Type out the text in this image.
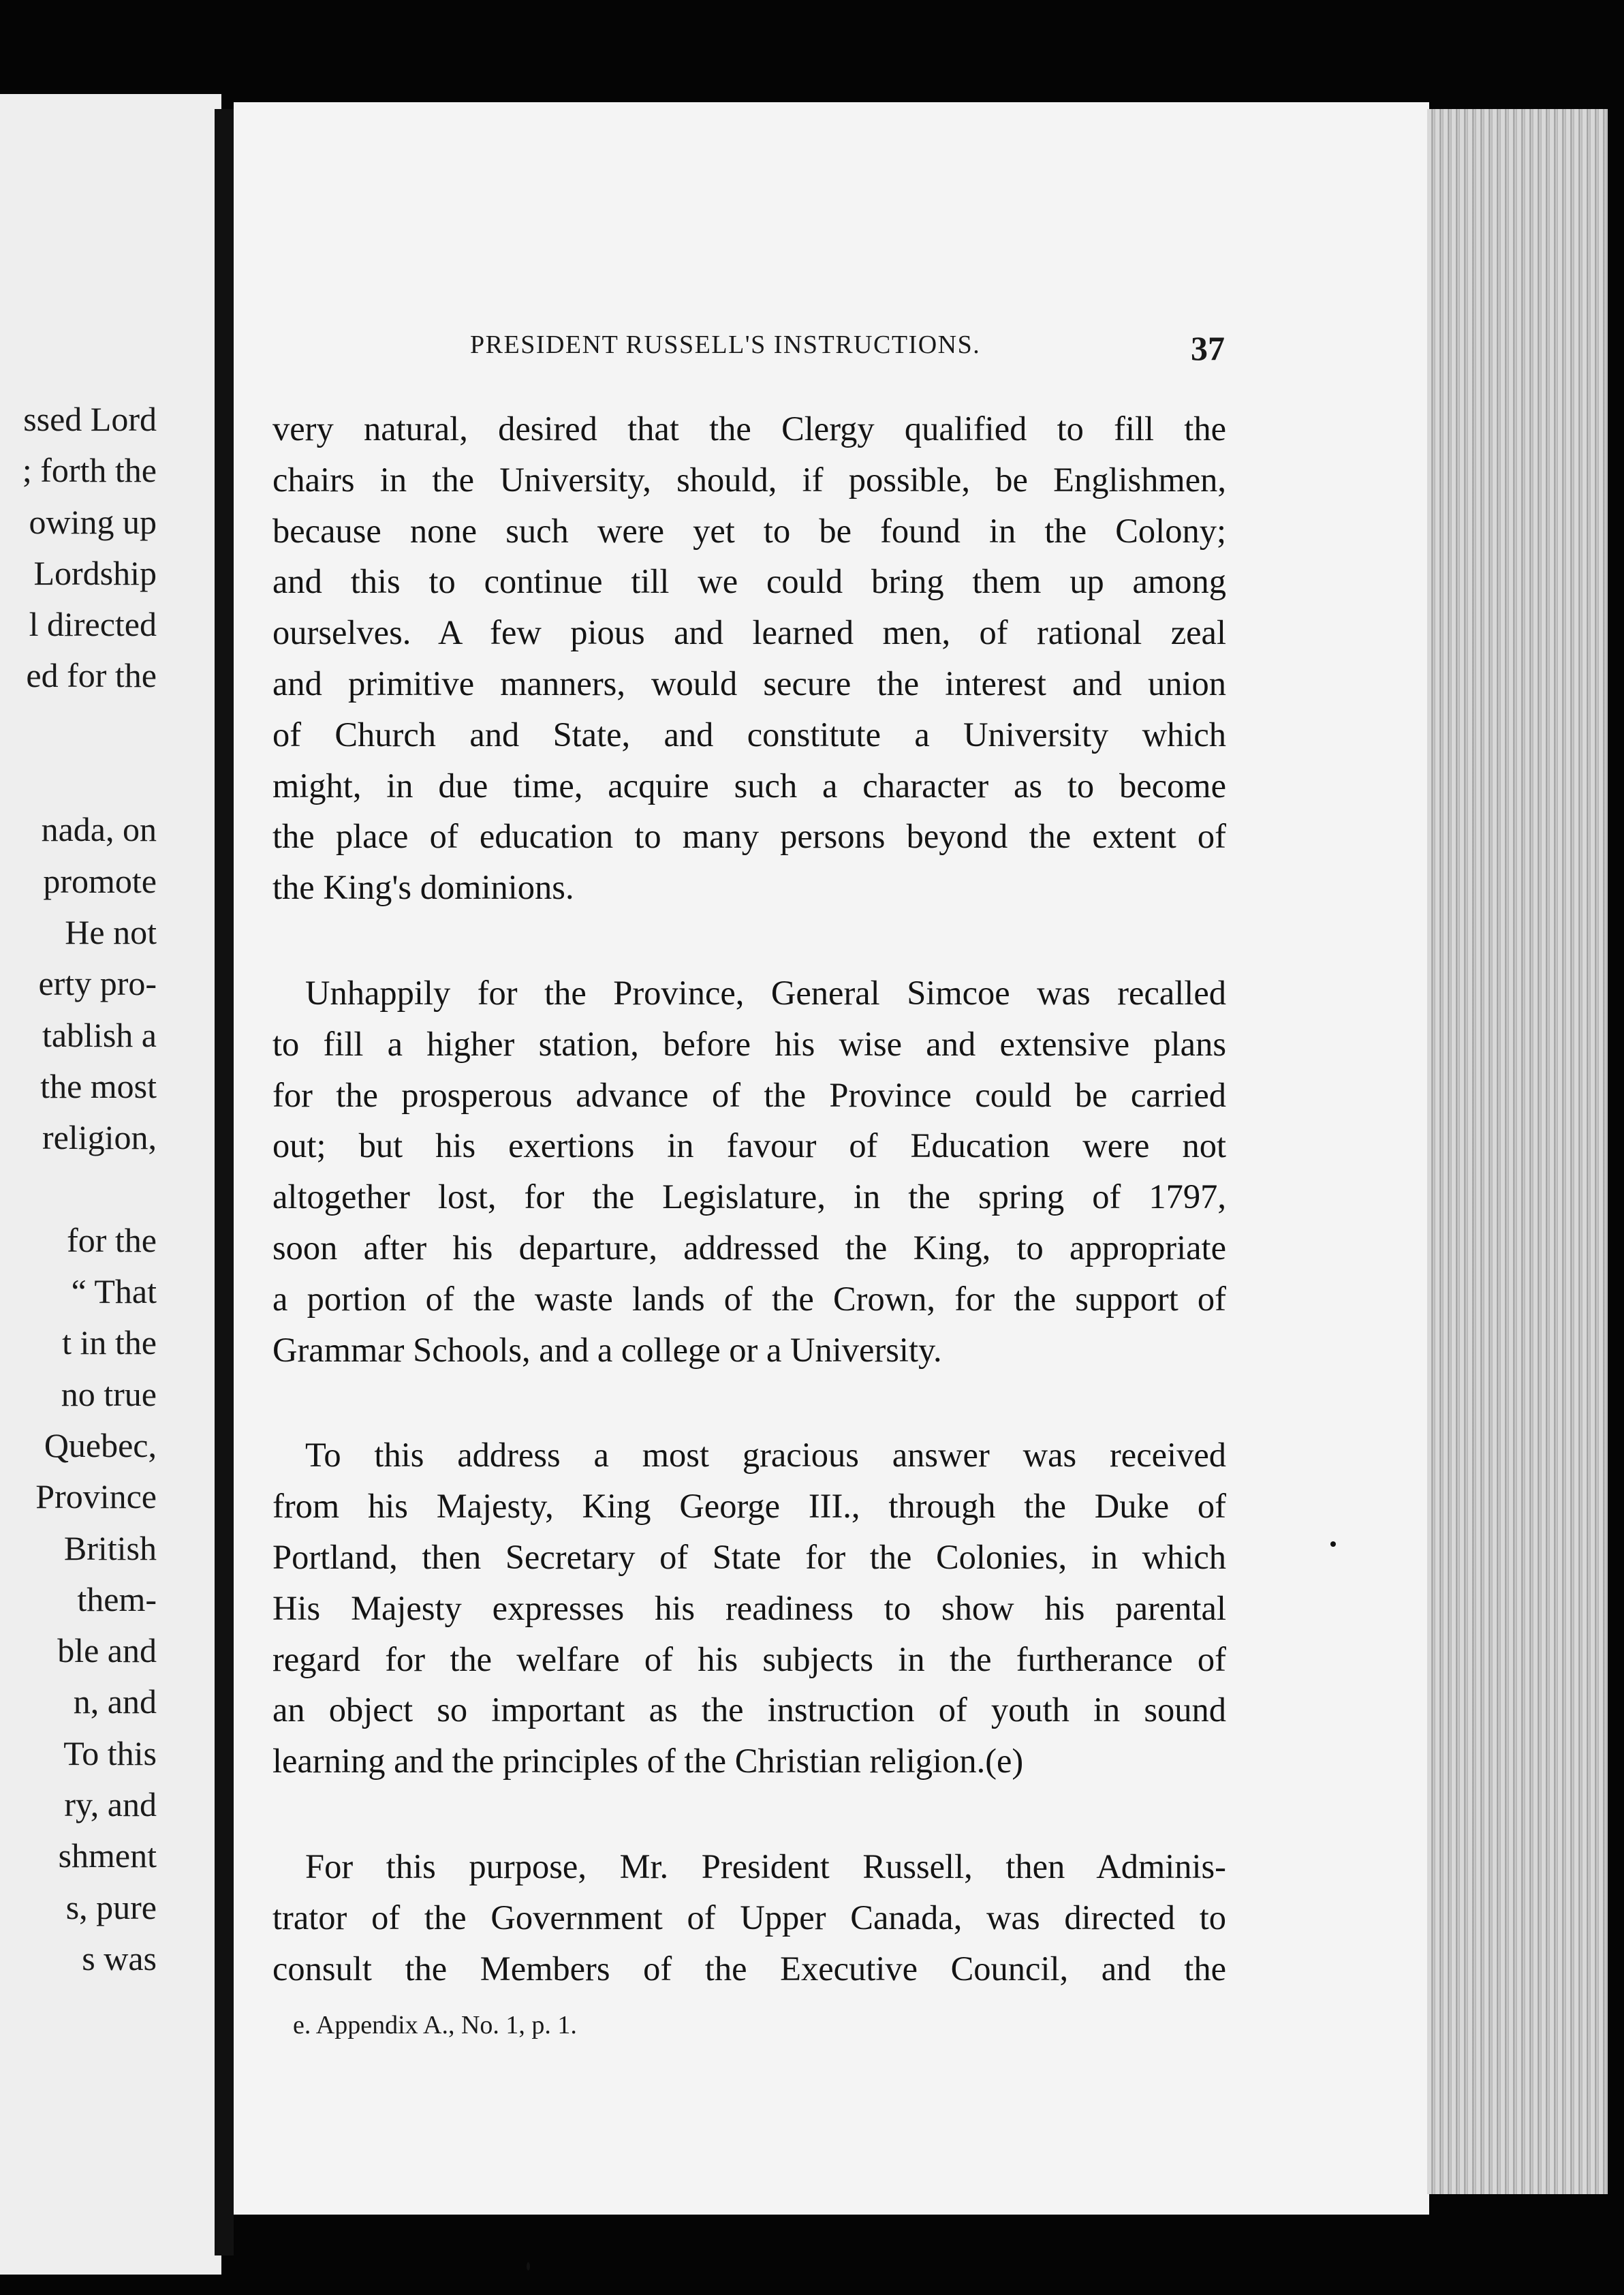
ssed Lord
; forth the
owing up
Lordship
l directed
ed for the
nada, on
promote
He not
erty pro-
tablish a
the most
religion,
for the
“ That
t in the
no true
Quebec,
Province
British
them-
ble and
n, and
To this
ry, and
shment
s, pure
s was
PRESIDENT RUSSELL'S INSTRUCTIONS.	37
very natural, desired that the Clergy qualified to fill the
chairs in the University, should, if possible, be Englishmen,
because none such were yet to be found in the Colony;
and this to continue till we could bring them up among
ourselves. A few pious and learned men, of rational zeal
and primitive manners, would secure the interest and union
of Church and State, and constitute a University which
might, in due time, acquire such a character as to become
the place of education to many persons beyond the extent of
the King's dominions.
Unhappily for the Province, General Simcoe was recalled
to fill a higher station, before his wise and extensive plans
for the prosperous advance of the Province could be carried
out; but his exertions in favour of Education were not
altogether lost, for the Legislature, in the spring of 1797,
soon after his departure, addressed the King, to appropriate
a portion of the waste lands of the Crown, for the support of
Grammar Schools, and a college or a University.
To this address a most gracious answer was received
from his Majesty, King George III., through the Duke of
Portland, then Secretary of State for the Colonies, in which
His Majesty expresses his readiness to show his parental
regard for the welfare of his subjects in the furtherance of
an object so important as the instruction of youth in sound
learning and the principles of the Christian religion.(e)
For this purpose, Mr. President Russell, then Adminis-
trator of the Government of Upper Canada, was directed to
consult the Members of the Executive Council, and the
e. Appendix A., No. 1, p. 1.
